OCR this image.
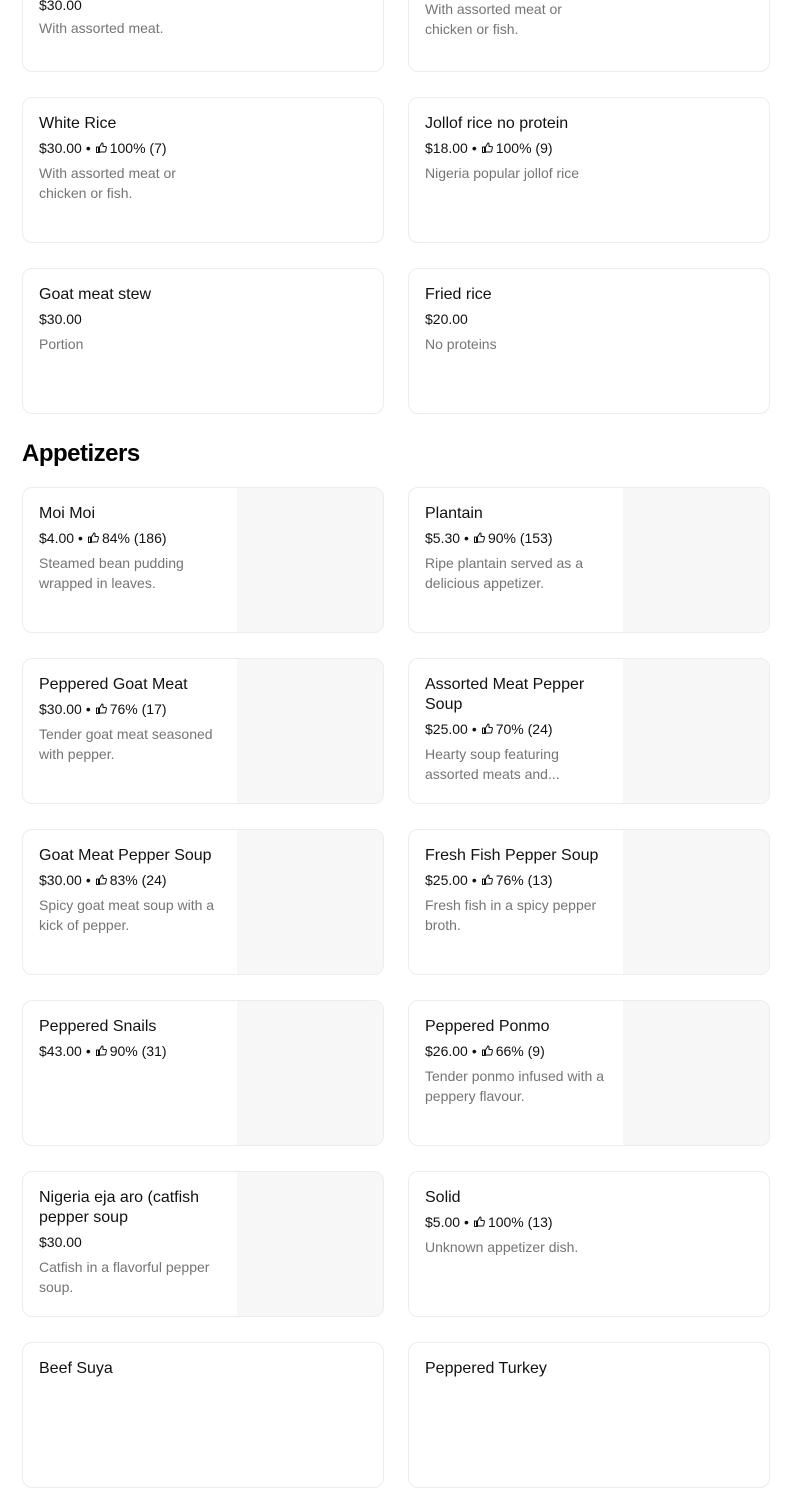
$30.00
With assorted meat.
With assorted meat or chicken or fish.
White Rice
$30.00 • 100% (7)
With assorted meat or chicken or fish.
Jollof rice no protein
$18.00 • 100% (9)
Nigeria popular jollof rice
Goat meat stew
$30.00
Portion
Fried rice
$20.00
No proteins
Appetizers
Moi Moi
$4.00 • 84% (186)
Steamed bean pudding wrapped in leaves.
Plantain
$5.30 • 90% (153)
Ripe plantain served as a delicious appetizer.
Peppered Goat Meat
$30.00 • 76% (17)
Tender goat meat seasoned with pepper.
Assorted Meat Pepper Soup
$25.00 • 70% (24)
Hearty soup featuring assorted meats and...
Goat Meat Pepper Soup
$30.00 • 83% (24)
Spicy goat meat soup with a kick of pepper.
Fresh Fish Pepper Soup
$25.00 • 76% (13)
Fresh fish in a spicy pepper broth.
Peppered Snails
$43.00 • 90% (31)
Peppered Ponmo
$26.00 • 66% (9)
Tender ponmo infused with a peppery flavour.
Nigeria eja aro (catfish pepper soup
$30.00
Catfish in a flavorful pepper soup.
Solid
$5.00 • 100% (13)
Unknown appetizer dish.
Beef Suya	Peppered Turkey
